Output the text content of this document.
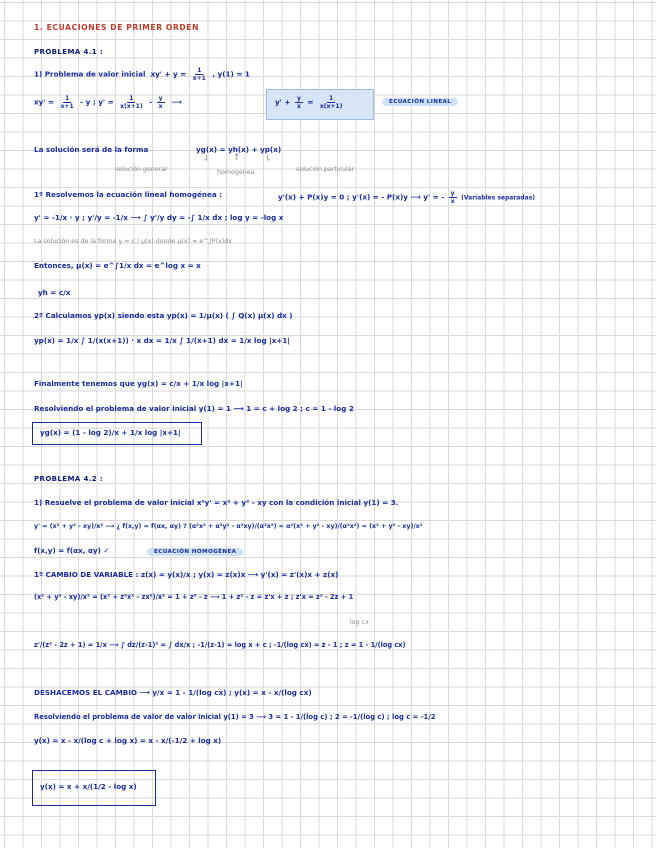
1. ECUACIONES DE PRIMER ORDEN
PROBLEMA 4.1 :
1) Problema de valor inicial $xy' + y = \frac{1}{x+1}$ , y(1) = 1
$xy' = \frac{1}{x+1} - y$ ; $y' = \frac{1}{x(x+1)} - \frac{y}{x}$ ⟶	$y' + \frac{y}{x} = \frac{1}{x(x+1)}$	ECUACIÓN LINEAL
La solución será de la forma	yg(x) = yh(x) + yp(x)
┘
solución general
↑
homogénea
└
solución particular
1º Resolvemos la ecuación lineal homogénea :	y'(x) + P(x)y = 0 ; y'(x) = - P(x)y ⟶ y' = - $\frac{y}{x}$ (Variables separadas)
y' = -1/x · y ; y'/y = -1/x ⟶ ∫ y'/y dy = -∫ 1/x dx ; log y = -log x
La solución es de la forma y = c / μ(x) donde μ(x) = e^∫P(x)dx
Entonces, μ(x) = e^∫1/x dx = e^log x = x
yh = c/x
2º Calculamos yp(x) siendo esta yp(x) = 1/μ(x) ( ∫ Q(x) μ(x) dx )
yp(x) = 1/x ∫ 1/(x(x+1)) · x dx = 1/x ∫ 1/(x+1) dx = 1/x log |x+1|
Finalmente tenemos que yg(x) = c/x + 1/x log |x+1|
Resolviendo el problema de valor inicial y(1) = 1 ⟶ 1 = c + log 2 ; c = 1 - log 2
yg(x) = (1 - log 2)/x + 1/x log |x+1|
PROBLEMA 4.2 :
1) Resuelve el problema de valor inicial x²y' = x² + y² - xy con la condición inicial y(1) = 3.
y' = (x² + y² - xy)/x² ⟶ ¿ f(x,y) = f(αx, αy) ? (α²x² + α²y² - α²xy)/(α²x²) = α²(x² + y² - xy)/(α²x²) = (x² + y² - xy)/x²
f(x,y) = f(αx, αy) ✓	ECUACIÓN HOMOGÉNEA
1º CAMBIO DE VARIABLE : z(x) = y(x)/x ; y(x) = z(x)x ⟶ y'(x) = z'(x)x + z(x)
(x² + y² - xy)/x² = (x² + z²x² - zx²)/x² = 1 + z² - z ⟶ 1 + z² - z = z'x + z ; z'x = z² - 2z + 1
log cx
z'/(z² - 2z + 1) = 1/x ⟶ ∫ dz/(z-1)² = ∫ dx/x ; -1/(z-1) = log x + c ; -1/(log cx) = z - 1 ; z = 1 - 1/(log cx)
DESHACEMOS EL CAMBIO ⟶ y/x = 1 - 1/(log cx) ; y(x) = x - x/(log cx)
Resolviendo el problema de valor de valor inicial y(1) = 3 ⟶ 3 = 1 - 1/(log c) ; 2 = -1/(log c) ; log c = -1/2
y(x) = x - x/(log c + log x) = x - x/(-1/2 + log x)
y(x) = x + x/(1/2 - log x)
